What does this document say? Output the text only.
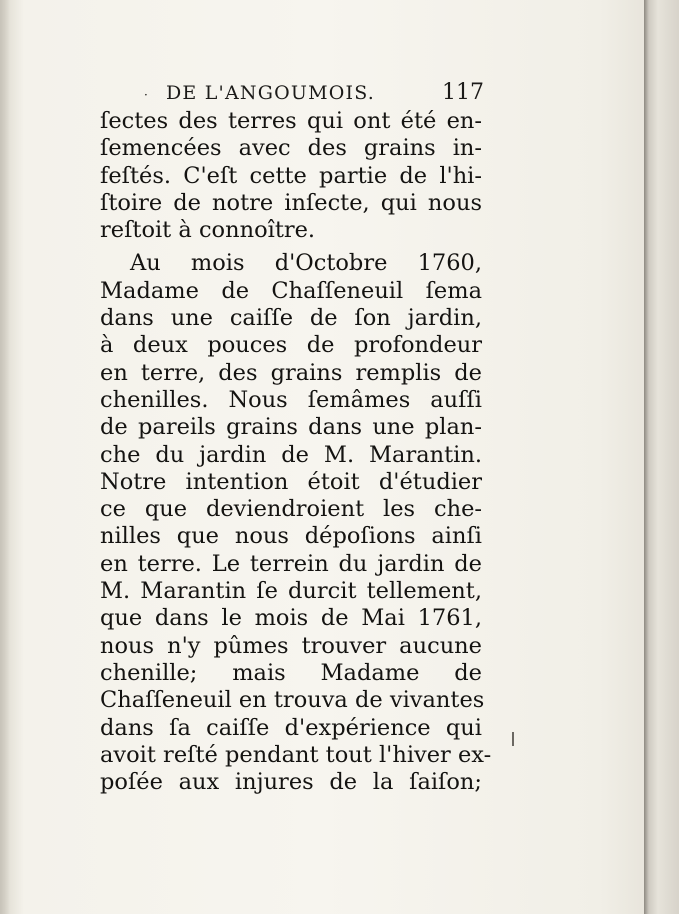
· DE L'ANGOUMOIS.	117
ſectes des terres qui ont été en-
ſemencées avec des grains in-
feſtés. C'eſt cette partie de l'hi-
ſtoire de notre inſecte, qui nous
reſtoit à connoître.
Au mois d'Octobre 1760,
Madame de Chaſſeneuil ſema
dans une caiſſe de ſon jardin,
à deux pouces de profondeur
en terre, des grains remplis de
chenilles. Nous ſemâmes auſſi
de pareils grains dans une plan-
che du jardin de M. Marantin.
Notre intention étoit d'étudier
ce que deviendroient les che-
nilles que nous dépoſions ainſi
en terre. Le terrein du jardin de
M. Marantin ſe durcit tellement,
que dans le mois de Mai 1761,
nous n'y pûmes trouver aucune
chenille; mais Madame de
Chaſſeneuil en trouva de vivantes
dans ſa caiſſe d'expérience qui
avoit reſté pendant tout l'hiver ex-
poſée aux injures de la ſaiſon;
